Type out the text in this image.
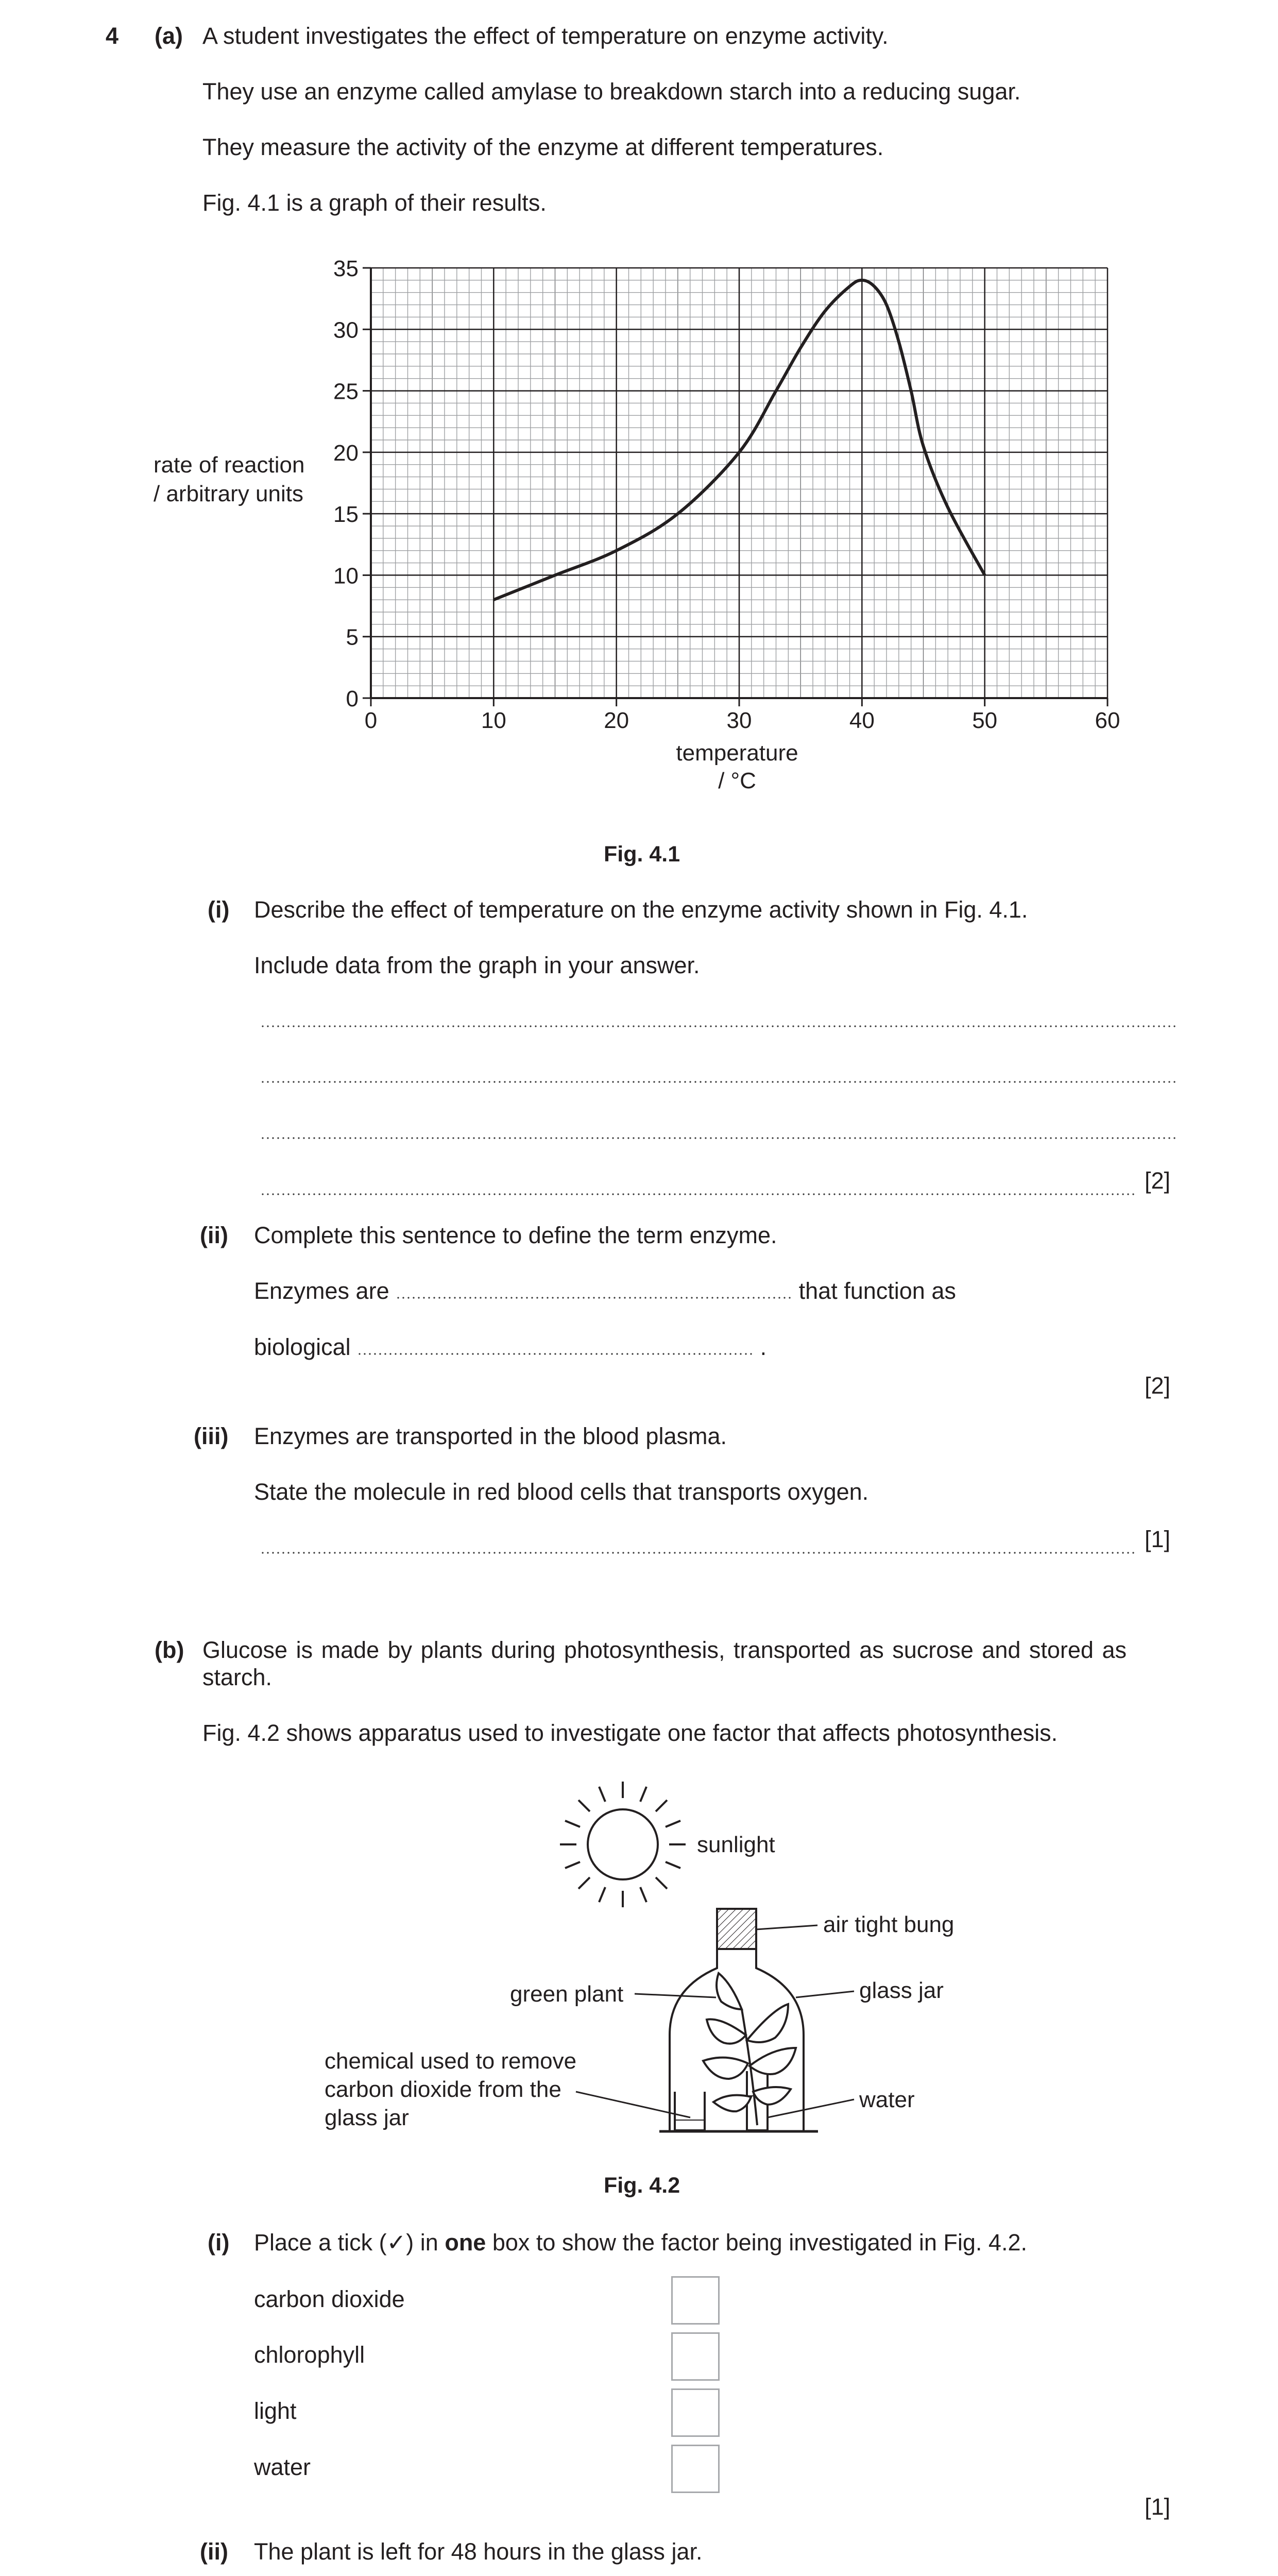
4 (a) A student investigates the effect of temperature on enzyme activity.
They use an enzyme called amylase to breakdown starch into a reducing sugar.
They measure the activity of the enzyme at different temperatures.
Fig. 4.1 is a graph of their results.
0
5
10
15
20
25
30
35
0	10	20	30	40	50	60
rate of reaction
/ arbitrary units
temperature
/ °C
Fig. 4.1
(i) Describe the effect of temperature on the enzyme activity shown in Fig. 4.1.
Include data from the graph in your answer.
[2]
(ii) Complete this sentence to define the term enzyme.
Enzymes are	that function as
biological	.
[2]
(iii) Enzymes are transported in the blood plasma.
State the molecule in red blood cells that transports oxygen.
[1]
(b) Glucose is made by plants during photosynthesis, transported as sucrose and stored as
starch.
Fig. 4.2 shows apparatus used to investigate one factor that affects photosynthesis.
sunlight
air tight bung
green plant	glass jar
chemical used to remove
carbon dioxide from the
glass jar
water
Fig. 4.2
(i) Place a tick (✓) in one box to show the factor being investigated in Fig. 4.2.
carbon dioxide
chlorophyll
light
water
[1]
(ii) The plant is left for 48 hours in the glass jar.
